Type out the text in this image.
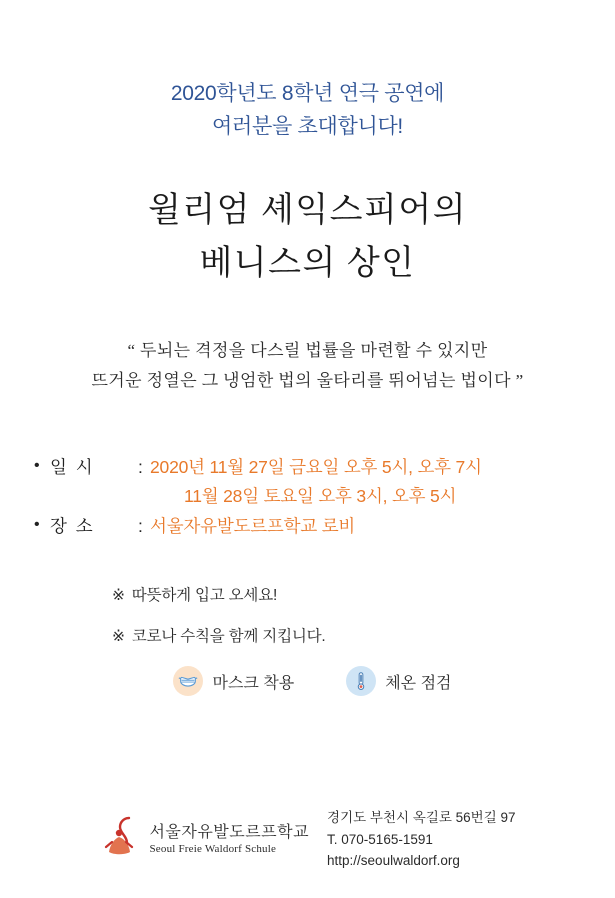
2020학년도 8학년 연극 공연에
여러분을 초대합니다!
윌리엄 셰익스피어의
베니스의 상인
“ 두뇌는 격정을 다스릴 법률을 마련할 수 있지만
뜨거운 정열은 그 냉엄한 법의 울타리를 뛰어넘는 법이다 ”
• 일 시	: 2020년 11월 27일 금요일 오후 5시, 오후 7시
11월 28일 토요일 오후 3시, 오후 5시
• 장 소	: 서울자유발도르프학교 로비
※ 따뜻하게 입고 오세요!
※ 코로나 수칙을 함께 지킵니다.
마스크 착용	체온 점검
서울자유발도르프학교
Seoul Freie Waldorf Schule
경기도 부천시 옥길로 56번길 97
T. 070-5165-1591
http://seoulwaldorf.org
